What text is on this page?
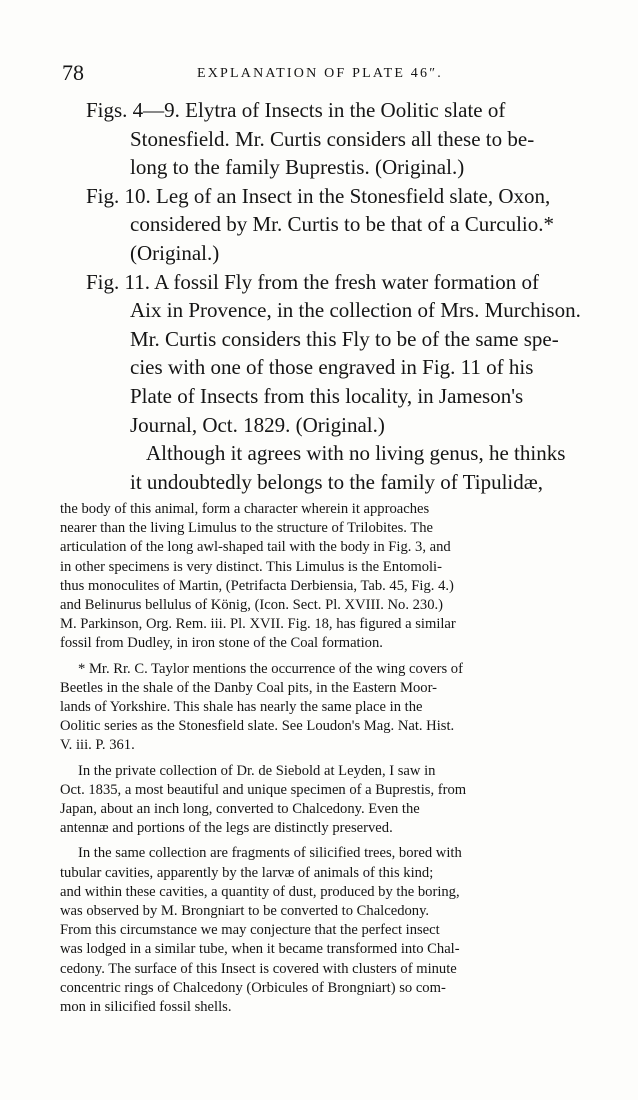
78	EXPLANATION OF PLATE 46″.
Figs. 4—9. Elytra of Insects in the Oolitic slate of
Stonesfield. Mr. Curtis considers all these to be-
long to the family Buprestis. (Original.)
Fig. 10. Leg of an Insect in the Stonesfield slate, Oxon,
considered by Mr. Curtis to be that of a Curculio.*
(Original.)
Fig. 11. A fossil Fly from the fresh water formation of
Aix in Provence, in the collection of Mrs. Murchison.
Mr. Curtis considers this Fly to be of the same spe-
cies with one of those engraved in Fig. 11 of his
Plate of Insects from this locality, in Jameson's
Journal, Oct. 1829. (Original.)
Although it agrees with no living genus, he thinks
it undoubtedly belongs to the family of Tipulidæ,
the body of this animal, form a character wherein it approaches
nearer than the living Limulus to the structure of Trilobites. The
articulation of the long awl-shaped tail with the body in Fig. 3, and
in other specimens is very distinct. This Limulus is the Entomoli-
thus monoculites of Martin, (Petrifacta Derbiensia, Tab. 45, Fig. 4.)
and Belinurus bellulus of König, (Icon. Sect. Pl. XVIII. No. 230.)
M. Parkinson, Org. Rem. iii. Pl. XVII. Fig. 18, has figured a similar
fossil from Dudley, in iron stone of the Coal formation.
* Mr. Rr. C. Taylor mentions the occurrence of the wing covers of
Beetles in the shale of the Danby Coal pits, in the Eastern Moor-
lands of Yorkshire. This shale has nearly the same place in the
Oolitic series as the Stonesfield slate. See Loudon's Mag. Nat. Hist.
V. iii. P. 361.
In the private collection of Dr. de Siebold at Leyden, I saw in
Oct. 1835, a most beautiful and unique specimen of a Buprestis, from
Japan, about an inch long, converted to Chalcedony. Even the
antennæ and portions of the legs are distinctly preserved.
In the same collection are fragments of silicified trees, bored with
tubular cavities, apparently by the larvæ of animals of this kind;
and within these cavities, a quantity of dust, produced by the boring,
was observed by M. Brongniart to be converted to Chalcedony.
From this circumstance we may conjecture that the perfect insect
was lodged in a similar tube, when it became transformed into Chal-
cedony. The surface of this Insect is covered with clusters of minute
concentric rings of Chalcedony (Orbicules of Brongniart) so com-
mon in silicified fossil shells.
